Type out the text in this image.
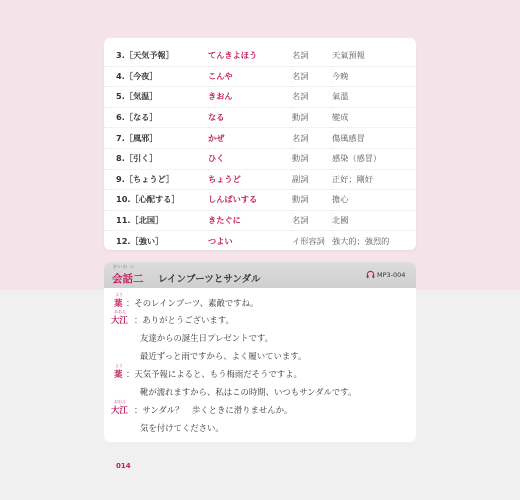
3.［天気予報］	てんきよほう	名詞	天氣預報
4.［今夜］	こんや	名詞	今晚
5.［気温］	きおん	名詞	氣溫
6.［なる］	なる	動詞	變成
7.［風邪］	かぜ	名詞	傷風感冒
8.［引く］	ひく	動詞	感染（感冒）
9.［ちょうど］	ちょうど	副詞	正好；剛好
10.［心配する］	しんぱいする	動詞	擔心
11.［北国］	きたぐに	名詞	北國
12.［強い］	つよい	イ形容詞	強大的；強烈的
かいわ に
会話二 レインブーツとサンダル	MP3-004
よう
葉 ：そのレインブーツ、素敵ですね。
おおえ
大江 ：ありがとうございます。
友達からの誕生日プレゼントです。
最近ずっと雨ですから、よく履いています。
よう
葉 ：天気予報によると、もう梅雨だそうですよ。
靴が濡れますから、私はこの時期、いつもサンダルです。
おおえ
大江 ：サンダル？　歩くときに滑りませんか。
気を付けてください。
014
